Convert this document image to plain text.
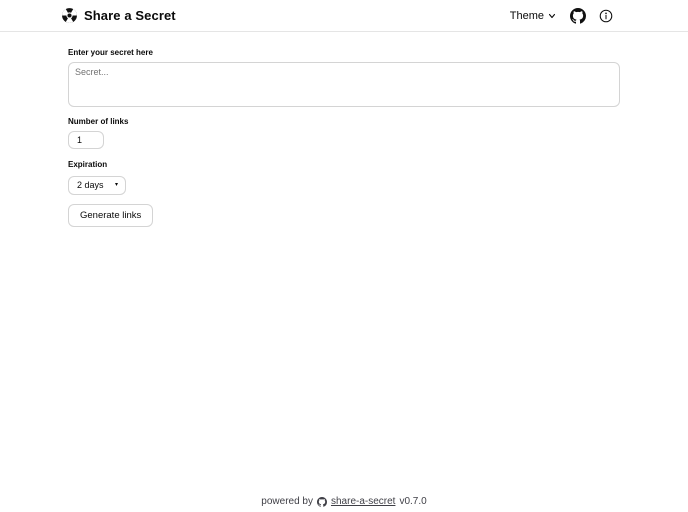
Share a Secret	Theme
Enter your secret here
Secret...
Number of links
1
Expiration
2 days
▾
Generate links
powered by share-a-secret v0.7.0
